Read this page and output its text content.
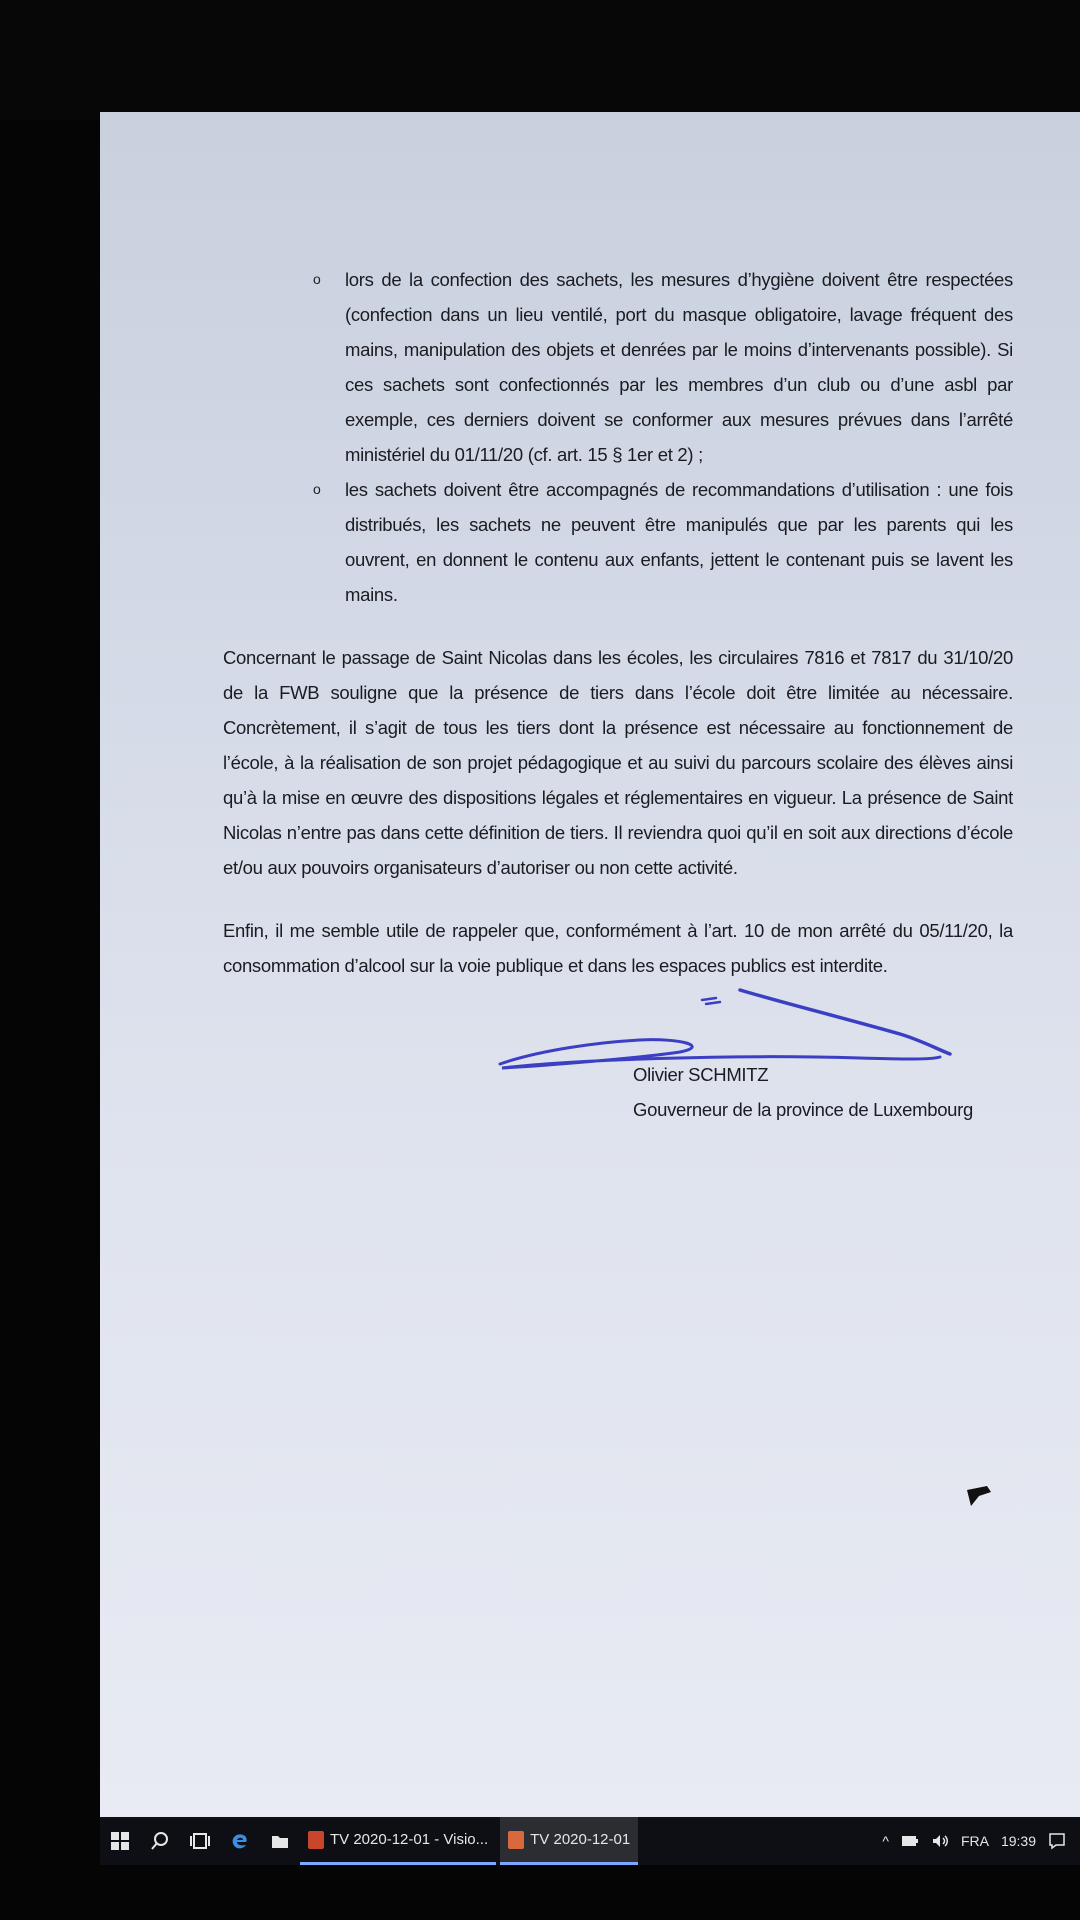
o	lors de la confection des sachets, les mesures d’hygiène doivent être respectées (confection dans un lieu ventilé, port du masque obligatoire, lavage fréquent des mains, manipulation des objets et denrées par le moins d’intervenants possible). Si ces sachets sont confectionnés par les membres d’un club ou d’une asbl par exemple, ces derniers doivent se conformer aux mesures prévues dans l’arrêté ministériel du 01/11/20 (cf. art. 15 § 1er et 2) ;
o	les sachets doivent être accompagnés de recommandations d’utilisation : une fois distribués, les sachets ne peuvent être manipulés que par les parents qui les ouvrent, en donnent le contenu aux enfants, jettent le contenant puis se lavent les mains.

Concernant le passage de Saint Nicolas dans les écoles, les circulaires 7816 et 7817 du 31/10/20 de la FWB souligne que la présence de tiers dans l’école doit être limitée au nécessaire. Concrètement, il s’agit de tous les tiers dont la présence est nécessaire au fonctionnement de l’école, à la réalisation de son projet pédagogique et au suivi du parcours scolaire des élèves ainsi qu’à la mise en œuvre des dispositions légales et réglementaires en vigueur. La présence de Saint Nicolas n’entre pas dans cette définition de tiers. Il reviendra quoi qu’il en soit aux directions d’école et/ou aux pouvoirs organisateurs d’autoriser ou non cette activité.

Enfin, il me semble utile de rappeler que, conformément à l’art. 10 de mon arrêté du 05/11/20, la consommation d’alcool sur la voie publique et dans les espaces publics est interdite.

Olivier SCHMITZ
Gouverneur de la province de Luxembourg
TV 2020-12-01 - Visio...	TV 2020-12-01	^	FRA 19:39
